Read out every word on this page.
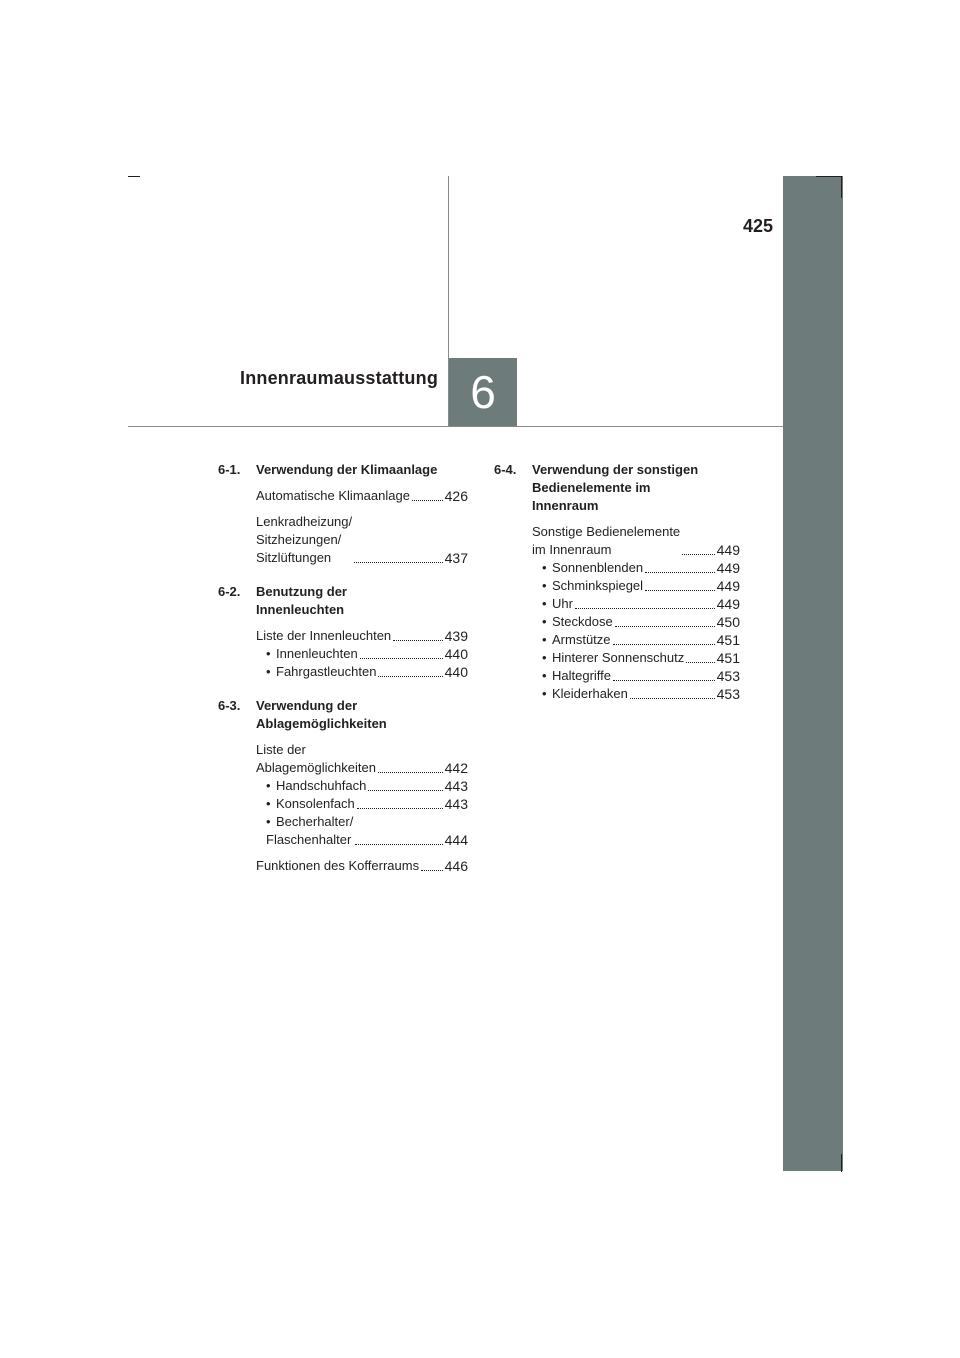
425
Innenraumausstattung 6
6-1. Verwendung der Klimaanlage
Automatische Klimaanlage 426
Lenkradheizung/
Sitzheizungen/
Sitzlüftungen	437
6-2. Benutzung der
Innenleuchten
Liste der Innenleuchten	439
• Innenleuchten	440
• Fahrgastleuchten	440
6-3. Verwendung der
Ablagemöglichkeiten
Liste der
Ablagemöglichkeiten	442
• Handschuhfach	443
• Konsolenfach	443
• Becherhalter/
Flaschenhalter	444
Funktionen des Kofferraums 446
6-4. Verwendung der sonstigen
Bedienelemente im
Innenraum
Sonstige Bedienelemente
im Innenraum	449
• Sonnenblenden	449
• Schminkspiegel	449
• Uhr	449
• Steckdose	450
• Armstütze	451
• Hinterer Sonnenschutz 451
• Haltegriffe	453
• Kleiderhaken	453
